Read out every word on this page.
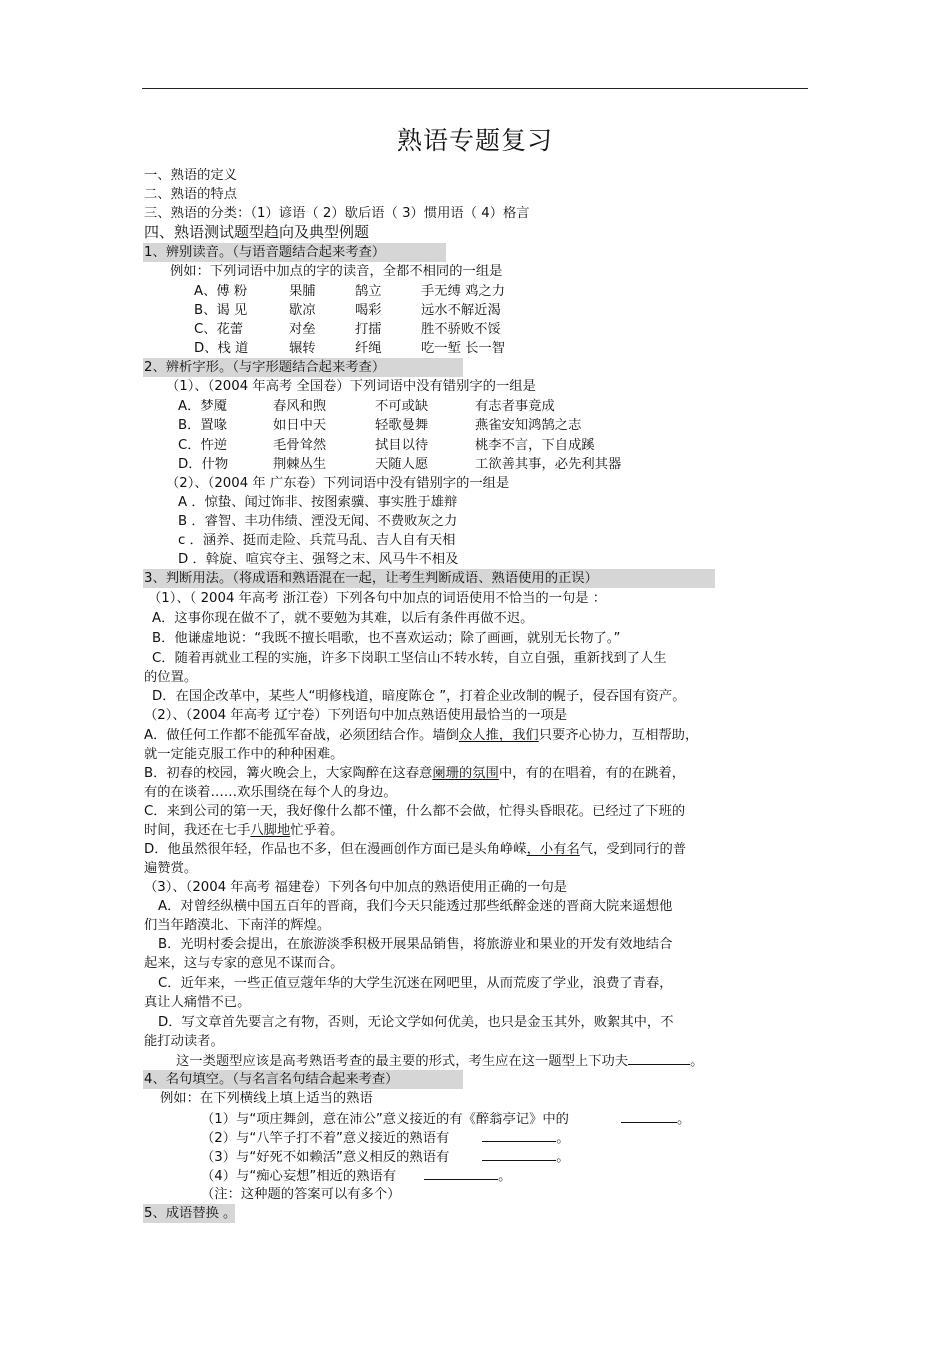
熟语专题复习
一、熟语的定义
二、熟语的特点
三、熟语的分类：（1）谚语（ 2）歇后语（ 3）惯用语（ 4）格言
四、熟语测试题型趋向及典型例题
1、辨别读音。（与语音题结合起来考查）
例如：下列词语中加点的字的读音，全都不相同的一组是
A、傅 粉	果脯	鹄立	手无缚 鸡之力
B、谒 见	歇凉	喝彩	远水不解近渴
C、花蕾	对垒	打擂	胜不骄败不馁
D、栈 道	辗转	纤绳	吃一堑 长一智
2、辨析字形。（与字形题结合起来考查）
（1）、（2004 年高考 全国卷）下列词语中没有错别字的一组是
A．梦魇	春风和煦	不可或缺	有志者事竟成
B．置喙	如日中天	轻歌曼舞	燕雀安知鸿鹄之志
C．忤逆	毛骨耸然	拭目以待	桃李不言，下自成蹊
D．什物	荆棘丛生	天随人愿	工欲善其事，必先利其器
（2）、（2004 年 广东卷）下列词语中没有错别字的一组是
A ．惊蛰、闻过饰非、按图索骥、事实胜于雄辩
B ．睿智、丰功伟绩、湮没无闻、不费败灰之力
c ．涵养、挺而走险、兵荒马乱、吉人自有天相
D ．斡旋、喧宾夺主、强弩之末、风马牛不相及
3、判断用法。（将成语和熟语混在一起，让考生判断成语、熟语使用的正误）
（1）、（ 2004 年高考 浙江卷）下列各句中加点的词语使用不恰当的一句是 ：
A．这事你现在做不了，就不要勉为其难，以后有条件再做不迟。
B．他谦虚地说：“我既不擅长唱歌，也不喜欢运动；除了画画，就别无长物了。”
C．随着再就业工程的实施，许多下岗职工坚信山不转水转，自立自强，重新找到了人生
的位置。
D．在国企改革中，某些人“明修栈道，暗度陈仓 ”，打着企业改制的幌子，侵吞国有资产。
（2）、（2004 年高考 辽宁卷）下列语句中加点熟语使用最恰当的一项是
A．做任何工作都不能孤军奋战，必须团结合作。墙倒众人推，我们只要齐心协力，互相帮助，
就一定能克服工作中的种种困难。
B．初春的校园，篝火晚会上，大家陶醉在这春意阑珊的氛围中，有的在唱着，有的在跳着，
有的在谈着……欢乐围绕在每个人的身边。
C．来到公司的第一天，我好像什么都不懂，什么都不会做，忙得头昏眼花。已经过了下班的
时间，我还在七手八脚地忙乎着。
D．他虽然很年轻，作品也不多，但在漫画创作方面已是头角峥嵘，小有名气，受到同行的普
遍赞赏。
（3）、（2004 年高考 福建卷）下列各句中加点的熟语使用正确的一句是
A．对曾经纵横中国五百年的晋商，我们今天只能透过那些纸醉金迷的晋商大院来遥想他
们当年踏漠北、下南洋的辉煌。
B．光明村委会提出，在旅游淡季积极开展果品销售，将旅游业和果业的开发有效地结合
起来，这与专家的意见不谋而合。
C．近年来，一些正值豆蔻年华的大学生沉迷在网吧里，从而荒废了学业，浪费了青春，
真让人痛惜不已。
D．写文章首先要言之有物，否则，无论文学如何优美，也只是金玉其外，败絮其中，不
能打动读者。
这一类题型应该是高考熟语考查的最主要的形式，考生应在这一题型上下功夫	。
4、名句填空。（与名言名句结合起来考查）
例如：在下列横线上填上适当的熟语
（1）与“项庄舞剑，意在沛公”意义接近的有《醉翁亭记》中的	。
（2）与“八竿子打不着”意义接近的熟语有	。
（3）与“好死不如赖活”意义相反的熟语有	。
（4）与“痴心妄想”相近的熟语有	。
（注：这种题的答案可以有多个）
5、成语替换 。
